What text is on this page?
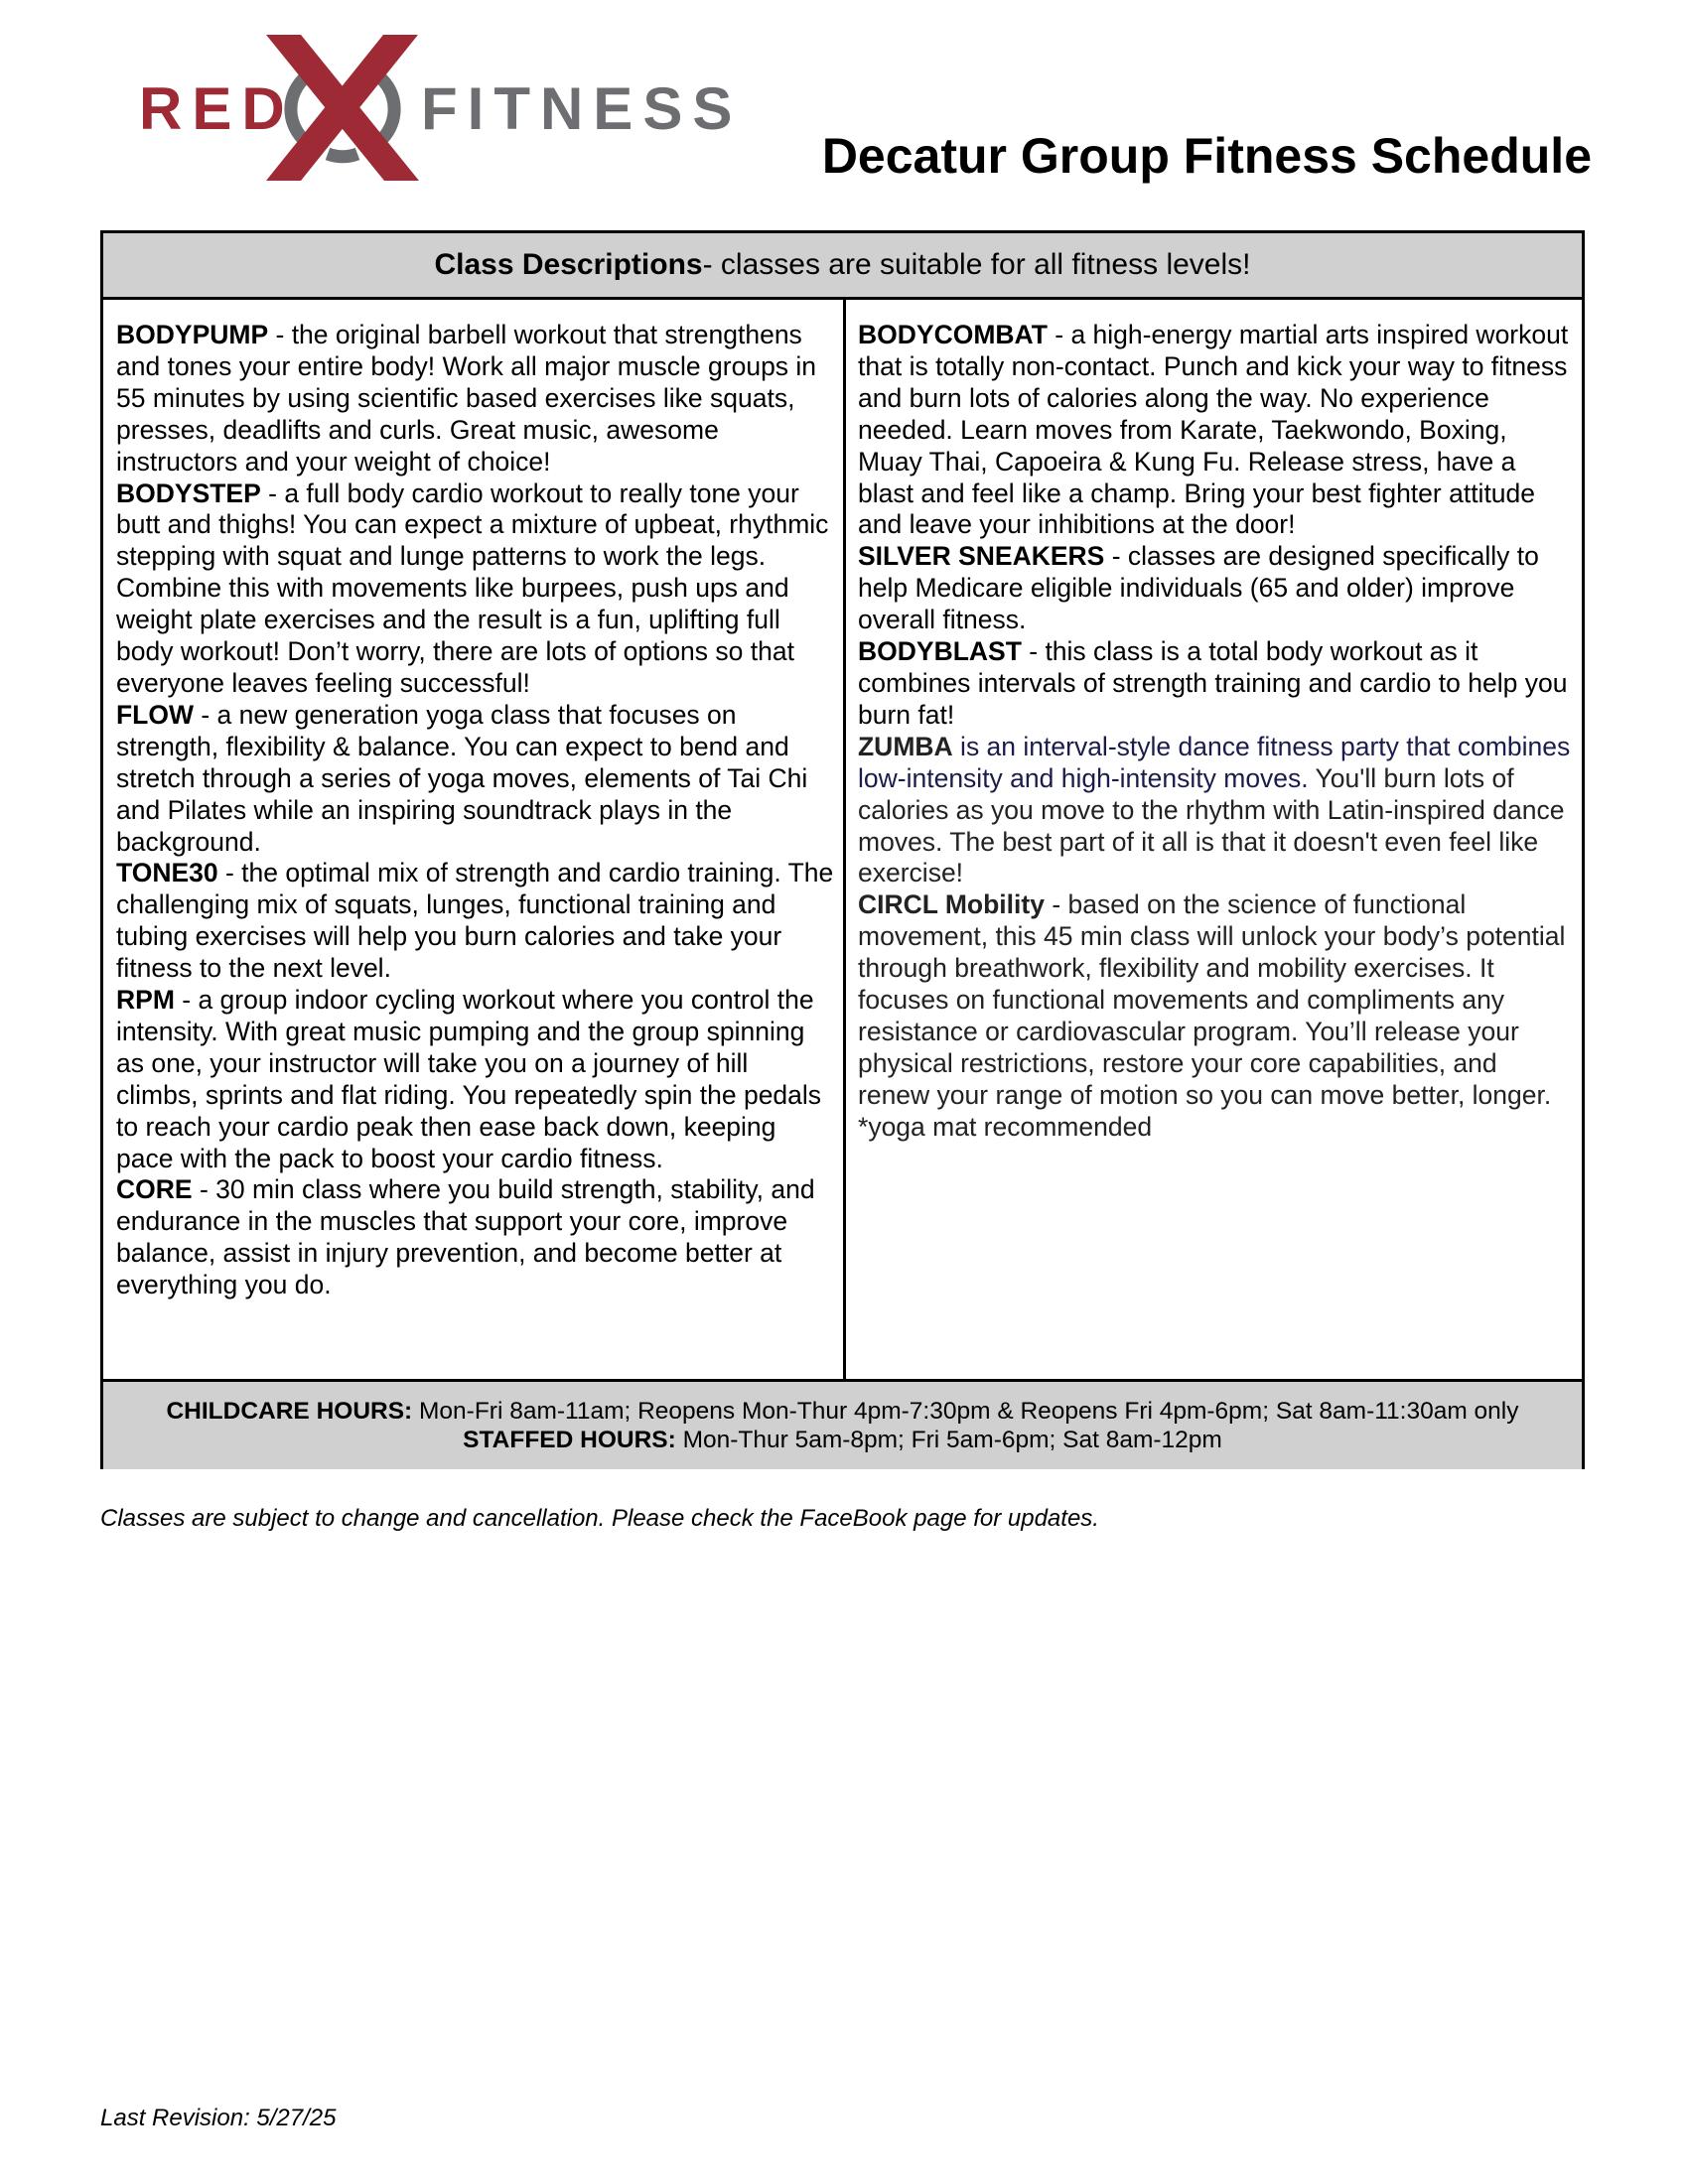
RED FITNESS
Decatur Group Fitness Schedule
Class Descriptions - classes are suitable for all fitness levels!

BODYPUMP - the original barbell workout that strengthens and tones your entire body! Work all major muscle groups in 55 minutes by using scientific based exercises like squats, presses, deadlifts and curls. Great music, awesome instructors and your weight of choice!

BODYSTEP - a full body cardio workout to really tone your butt and thighs! You can expect a mixture of upbeat, rhythmic stepping with squat and lunge patterns to work the legs. Combine this with movements like burpees, push ups and weight plate exercises and the result is a fun, uplifting full body workout! Don’t worry, there are lots of options so that everyone leaves feeling successful!

FLOW - a new generation yoga class that focuses on strength, flexibility & balance. You can expect to bend and stretch through a series of yoga moves, elements of Tai Chi and Pilates while an inspiring soundtrack plays in the background.

TONE30 - the optimal mix of strength and cardio training. The challenging mix of squats, lunges, functional training and tubing exercises will help you burn calories and take your fitness to the next level.

RPM - a group indoor cycling workout where you control the intensity. With great music pumping and the group spinning as one, your instructor will take you on a journey of hill climbs, sprints and flat riding. You repeatedly spin the pedals to reach your cardio peak then ease back down, keeping pace with the pack to boost your cardio fitness.

CORE - 30 min class where you build strength, stability, and endurance in the muscles that support your core, improve balance, assist in injury prevention, and become better at everything you do.

BODYCOMBAT - a high-energy martial arts inspired workout that is totally non-contact. Punch and kick your way to fitness and burn lots of calories along the way. No experience needed. Learn moves from Karate, Taekwondo, Boxing, Muay Thai, Capoeira & Kung Fu. Release stress, have a blast and feel like a champ. Bring your best fighter attitude and leave your inhibitions at the door!

SILVER SNEAKERS - classes are designed specifically to help Medicare eligible individuals (65 and older) improve overall fitness.

BODYBLAST - this class is a total body workout as it combines intervals of strength training and cardio to help you burn fat!

ZUMBA is an interval-style dance fitness party that combines low-intensity and high-intensity moves. You'll burn lots of calories as you move to the rhythm with Latin-inspired dance moves. The best part of it all is that it doesn't even feel like exercise!

CIRCL Mobility - based on the science of functional movement, this 45 min class will unlock your body’s potential through breathwork, flexibility and mobility exercises. It focuses on functional movements and compliments any resistance or cardiovascular program. You’ll release your physical restrictions, restore your core capabilities, and renew your range of motion so you can move better, longer. *yoga mat recommended

CHILDCARE HOURS: Mon-Fri 8am-11am; Reopens Mon-Thur 4pm-7:30pm & Reopens Fri 4pm-6pm; Sat 8am-11:30am only
STAFFED HOURS: Mon-Thur 5am-8pm; Fri 5am-6pm; Sat 8am-12pm

Classes are subject to change and cancellation. Please check the FaceBook page for updates.

Last Revision: 5/27/25
